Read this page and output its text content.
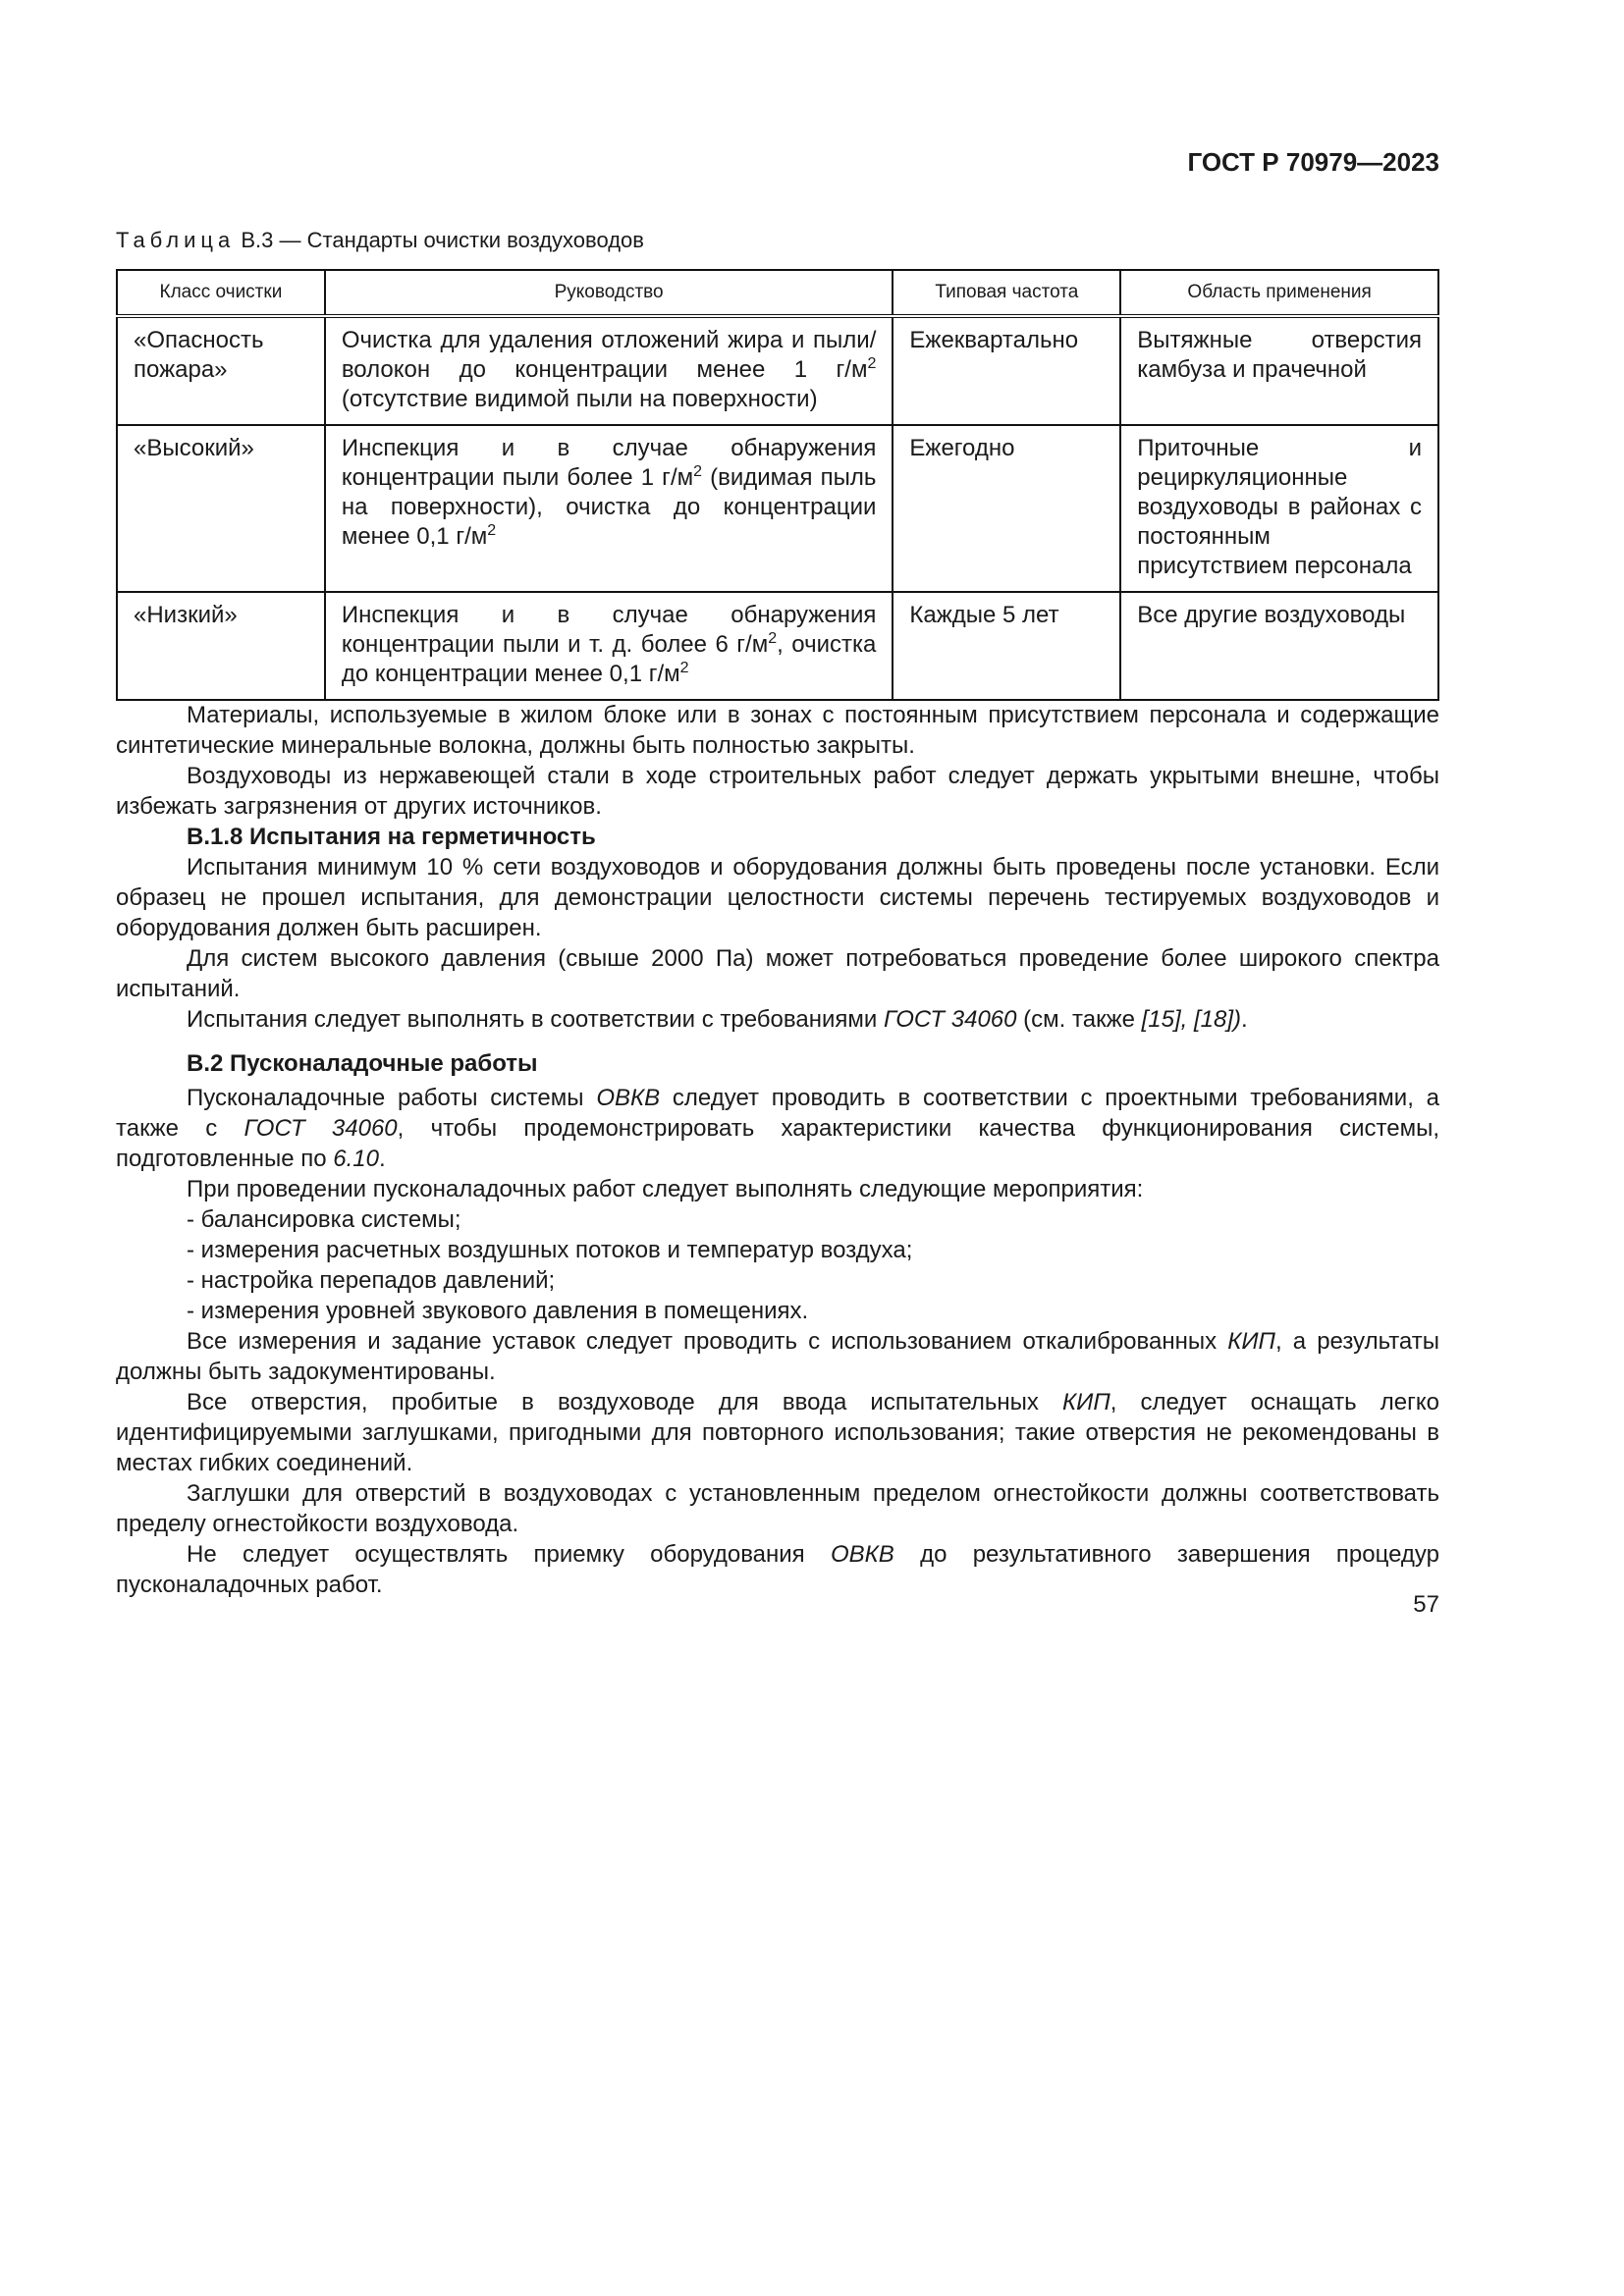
ГОСТ Р 70979—2023
Таблица В.3 — Стандарты очистки воздуховодов
Класс очистки	Руководство	Типовая частота	Область применения
«Опасность пожара»	Очистка для удаления отложений жира и пыли/волокон до концентрации менее 1 $г/м^2$ (отсутствие видимой пыли на поверхности)	Ежеквартально	Вытяжные отверстия камбуза и прачечной
«Высокий»	Инспекция и в случае обнаружения концентрации пыли более 1 $г/м^2$ (видимая пыль на поверхности), очистка до концентрации менее 0,1 $г/м^2$	Ежегодно	Приточные и рециркуляционные воздуховоды в районах с постоянным присутствием персонала
«Низкий»	Инспекция и в случае обнаружения концентрации пыли и т. д. более 6 $г/м^2$, очистка до концентрации менее 0,1 $г/м^2$	Каждые 5 лет	Все другие воздуховоды

Материалы, используемые в жилом блоке или в зонах с постоянным присутствием персонала и содержащие синтетические минеральные волокна, должны быть полностью закрыты.

Воздуховоды из нержавеющей стали в ходе строительных работ следует держать укрытыми внешне, чтобы избежать загрязнения от других источников.

В.1.8 Испытания на герметичность

Испытания минимум 10 % сети воздуховодов и оборудования должны быть проведены после установки. Если образец не прошел испытания, для демонстрации целостности системы перечень тестируемых воздуховодов и оборудования должен быть расширен.

Для систем высокого давления (свыше 2000 Па) может потребоваться проведение более широкого спектра испытаний.

Испытания следует выполнять в соответствии с требованиями ГОСТ 34060 (см. также [15], [18]).

В.2 Пусконаладочные работы

Пусконаладочные работы системы ОВКВ следует проводить в соответствии с проектными требованиями, а также с ГОСТ 34060, чтобы продемонстрировать характеристики качества функционирования системы, подготовленные по 6.10.

При проведении пусконаладочных работ следует выполнять следующие мероприятия:

- балансировка системы;

- измерения расчетных воздушных потоков и температур воздуха;

- настройка перепадов давлений;

- измерения уровней звукового давления в помещениях.

Все измерения и задание уставок следует проводить с использованием откалиброванных КИП, а результаты должны быть задокументированы.

Все отверстия, пробитые в воздуховоде для ввода испытательных КИП, следует оснащать легко идентифицируемыми заглушками, пригодными для повторного использования; такие отверстия не рекомендованы в местах гибких соединений.

Заглушки для отверстий в воздуховодах с установленным пределом огнестойкости должны соответствовать пределу огнестойкости воздуховода.

Не следует осуществлять приемку оборудования ОВКВ до результативного завершения процедур пусконаладочных работ.

57
